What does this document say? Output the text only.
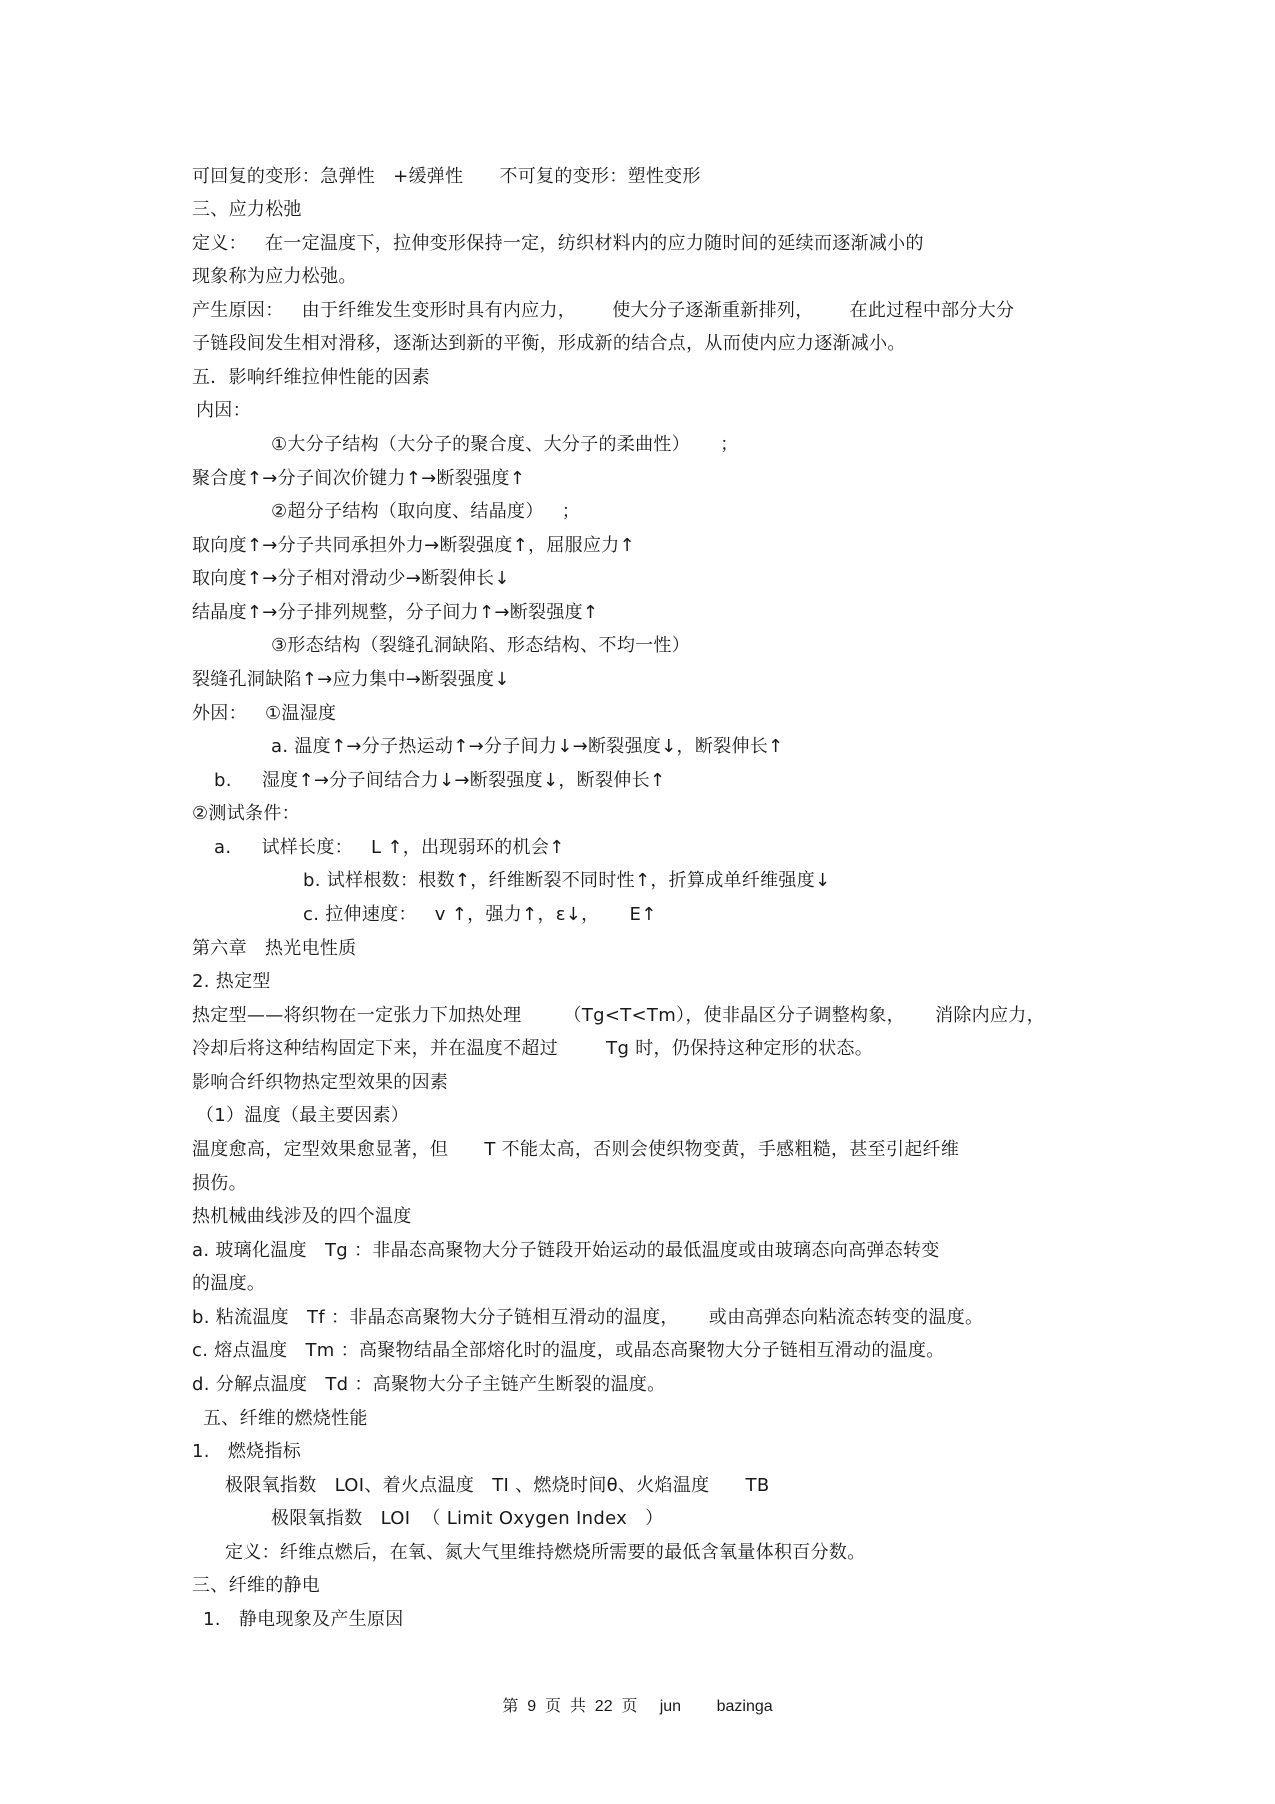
可回复的变形：急弹性   +缓弹性      不可复的变形：塑性变形
三、应力松弛
定义：   在一定温度下，拉伸变形保持一定，纺织材料内的应力随时间的延续而逐渐减小的
现象称为应力松弛。
产生原因：   由于纤维发生变形时具有内应力，      使大分子逐渐重新排列，      在此过程中部分大分
子链段间发生相对滑移，逐渐达到新的平衡，形成新的结合点，从而使内应力逐渐减小。
五．影响纤维拉伸性能的因素
内因：
①大分子结构（大分子的聚合度、大分子的柔曲性）     ；
聚合度↑→分子间次价键力↑→断裂强度↑
②超分子结构（取向度、结晶度）   ；
取向度↑→分子共同承担外力→断裂强度↑，屈服应力↑
取向度↑→分子相对滑动少→断裂伸长↓
结晶度↑→分子排列规整，分子间力↑→断裂强度↑
③形态结构（裂缝孔洞缺陷、形态结构、不均一性）
裂缝孔洞缺陷↑→应力集中→断裂强度↓
外因：   ①温湿度
a. 温度↑→分子热运动↑→分子间力↓→断裂强度↓，断裂伸长↑
b.     湿度↑→分子间结合力↓→断裂强度↓，断裂伸长↑
②测试条件：
a.     试样长度：   L ↑，出现弱环的机会↑
b. 试样根数：根数↑，纤维断裂不同时性↑，折算成单纤维强度↓
c. 拉伸速度：   v ↑，强力↑，ε↓，     E↑
第六章   热光电性质
2. 热定型
热定型——将织物在一定张力下加热处理       （Tg<T<Tm），使非晶区分子调整构象，     消除内应力，
冷却后将这种结构固定下来，并在温度不超过        Tg 时，仍保持这种定形的状态。
影响合纤织物热定型效果的因素
（1）温度（最主要因素）
温度愈高，定型效果愈显著，但      T 不能太高，否则会使织物变黄，手感粗糙，甚至引起纤维
损伤。
热机械曲线涉及的四个温度
a. 玻璃化温度   Tg ：非晶态高聚物大分子链段开始运动的最低温度或由玻璃态向高弹态转变
的温度。
b. 粘流温度   Tf ：非晶态高聚物大分子链相互滑动的温度，     或由高弹态向粘流态转变的温度。
c. 熔点温度   Tm ：高聚物结晶全部熔化时的温度，或晶态高聚物大分子链相互滑动的温度。
d. 分解点温度   Td ：高聚物大分子主链产生断裂的温度。
五、纤维的燃烧性能
1.   燃烧指标
极限氧指数   LOI、着火点温度   TI 、燃烧时间θ、火焰温度      TB
极限氧指数   LOI  （ Limit Oxygen Index   ）
定义：纤维点燃后，在氧、氮大气里维持燃烧所需要的最低含氧量体积百分数。
三、纤维的静电
1.   静电现象及产生原因
第  9  页  共  22  页     jun        bazinga
